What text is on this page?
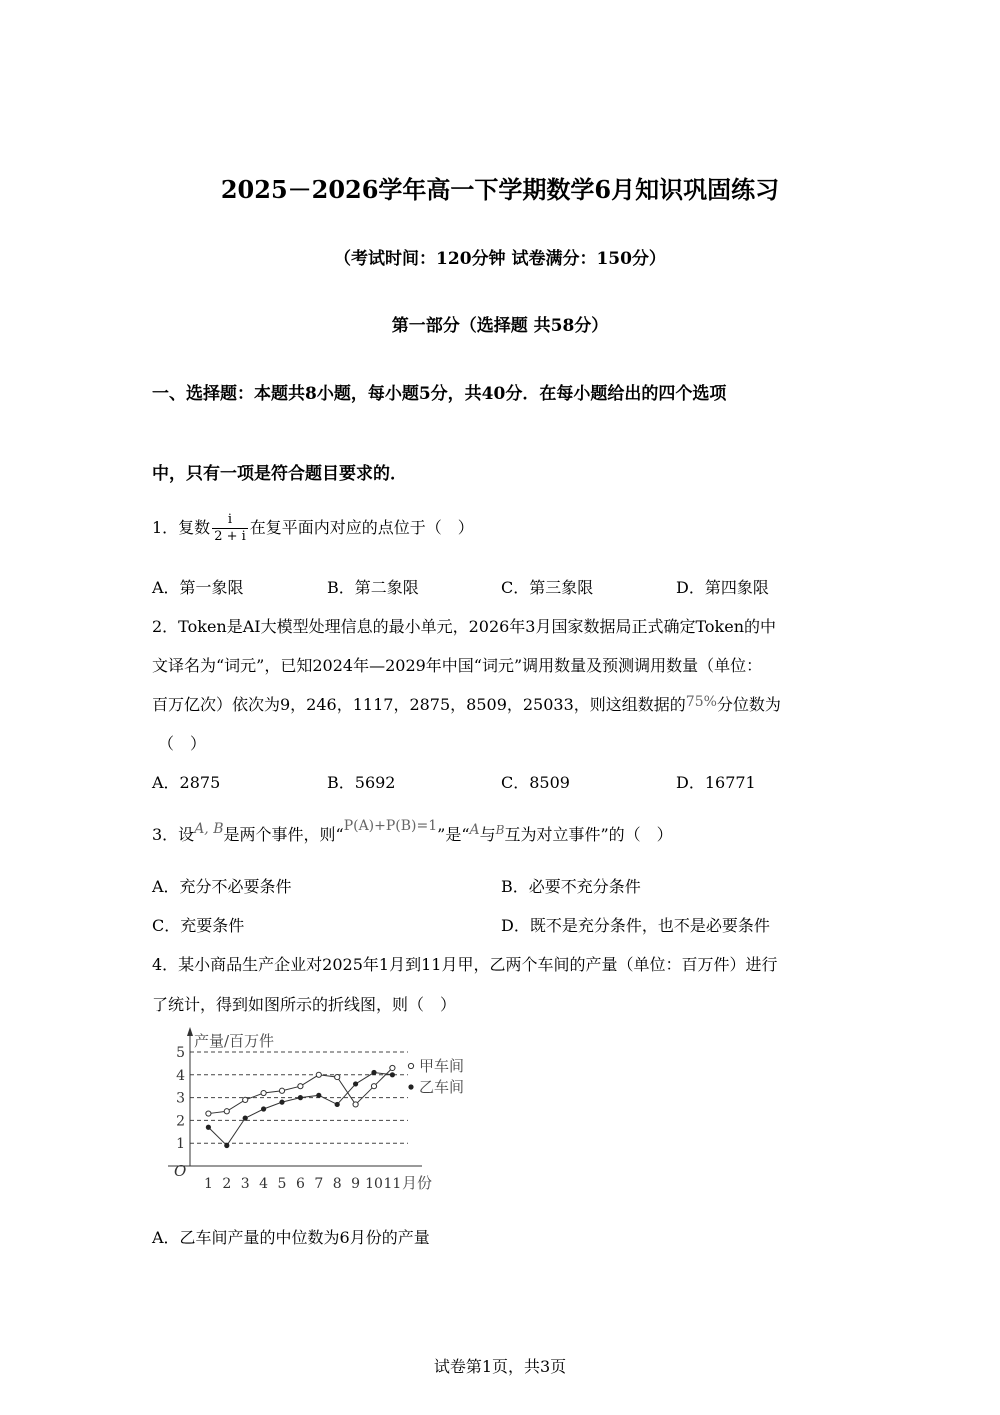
2025－2026学年高一下学期数学6月知识巩固练习
（考试时间：120分钟 试卷满分：150分）
第一部分（选择题 共58分）
一、选择题：本题共8小题，每小题5分，共40分．在每小题给出的四个选项
中，只有一项是符合题目要求的．
1．复数 $\frac{i}{2 + i}$ 在复平面内对应的点位于（　）
A．第一象限	B．第二象限	C．第三象限	D．第四象限
2．Token是AI大模型处理信息的最小单元，2026年3月国家数据局正式确定Token的中
文译名为“词元”，已知2024年—2029年中国“词元”调用数量及预测调用数量（单位：
百万亿次）依次为9，246，1117，2875，8509，25033，则这组数据的75%分位数为
（　）
A．2875	B．5692	C．8509	D．16771
3．设A, B是两个事件，则“P(A)+P(B)=1”是“A与$^B$互为对立事件”的（　）
A．充分不必要条件	B．必要不充分条件
C．充要条件	D．既不是充分条件，也不是必要条件
4．某小商品生产企业对2025年1月到11月甲，乙两个车间的产量（单位：百万件）进行
了统计，得到如图所示的折线图，则（　）
1
2
3
4
5
产量/百万件
O
1 2 3 4 5 6 7 8 9 10 11 月份
甲车间
乙车间
A．乙车间产量的中位数为6月份的产量
试卷第1页，共3页
